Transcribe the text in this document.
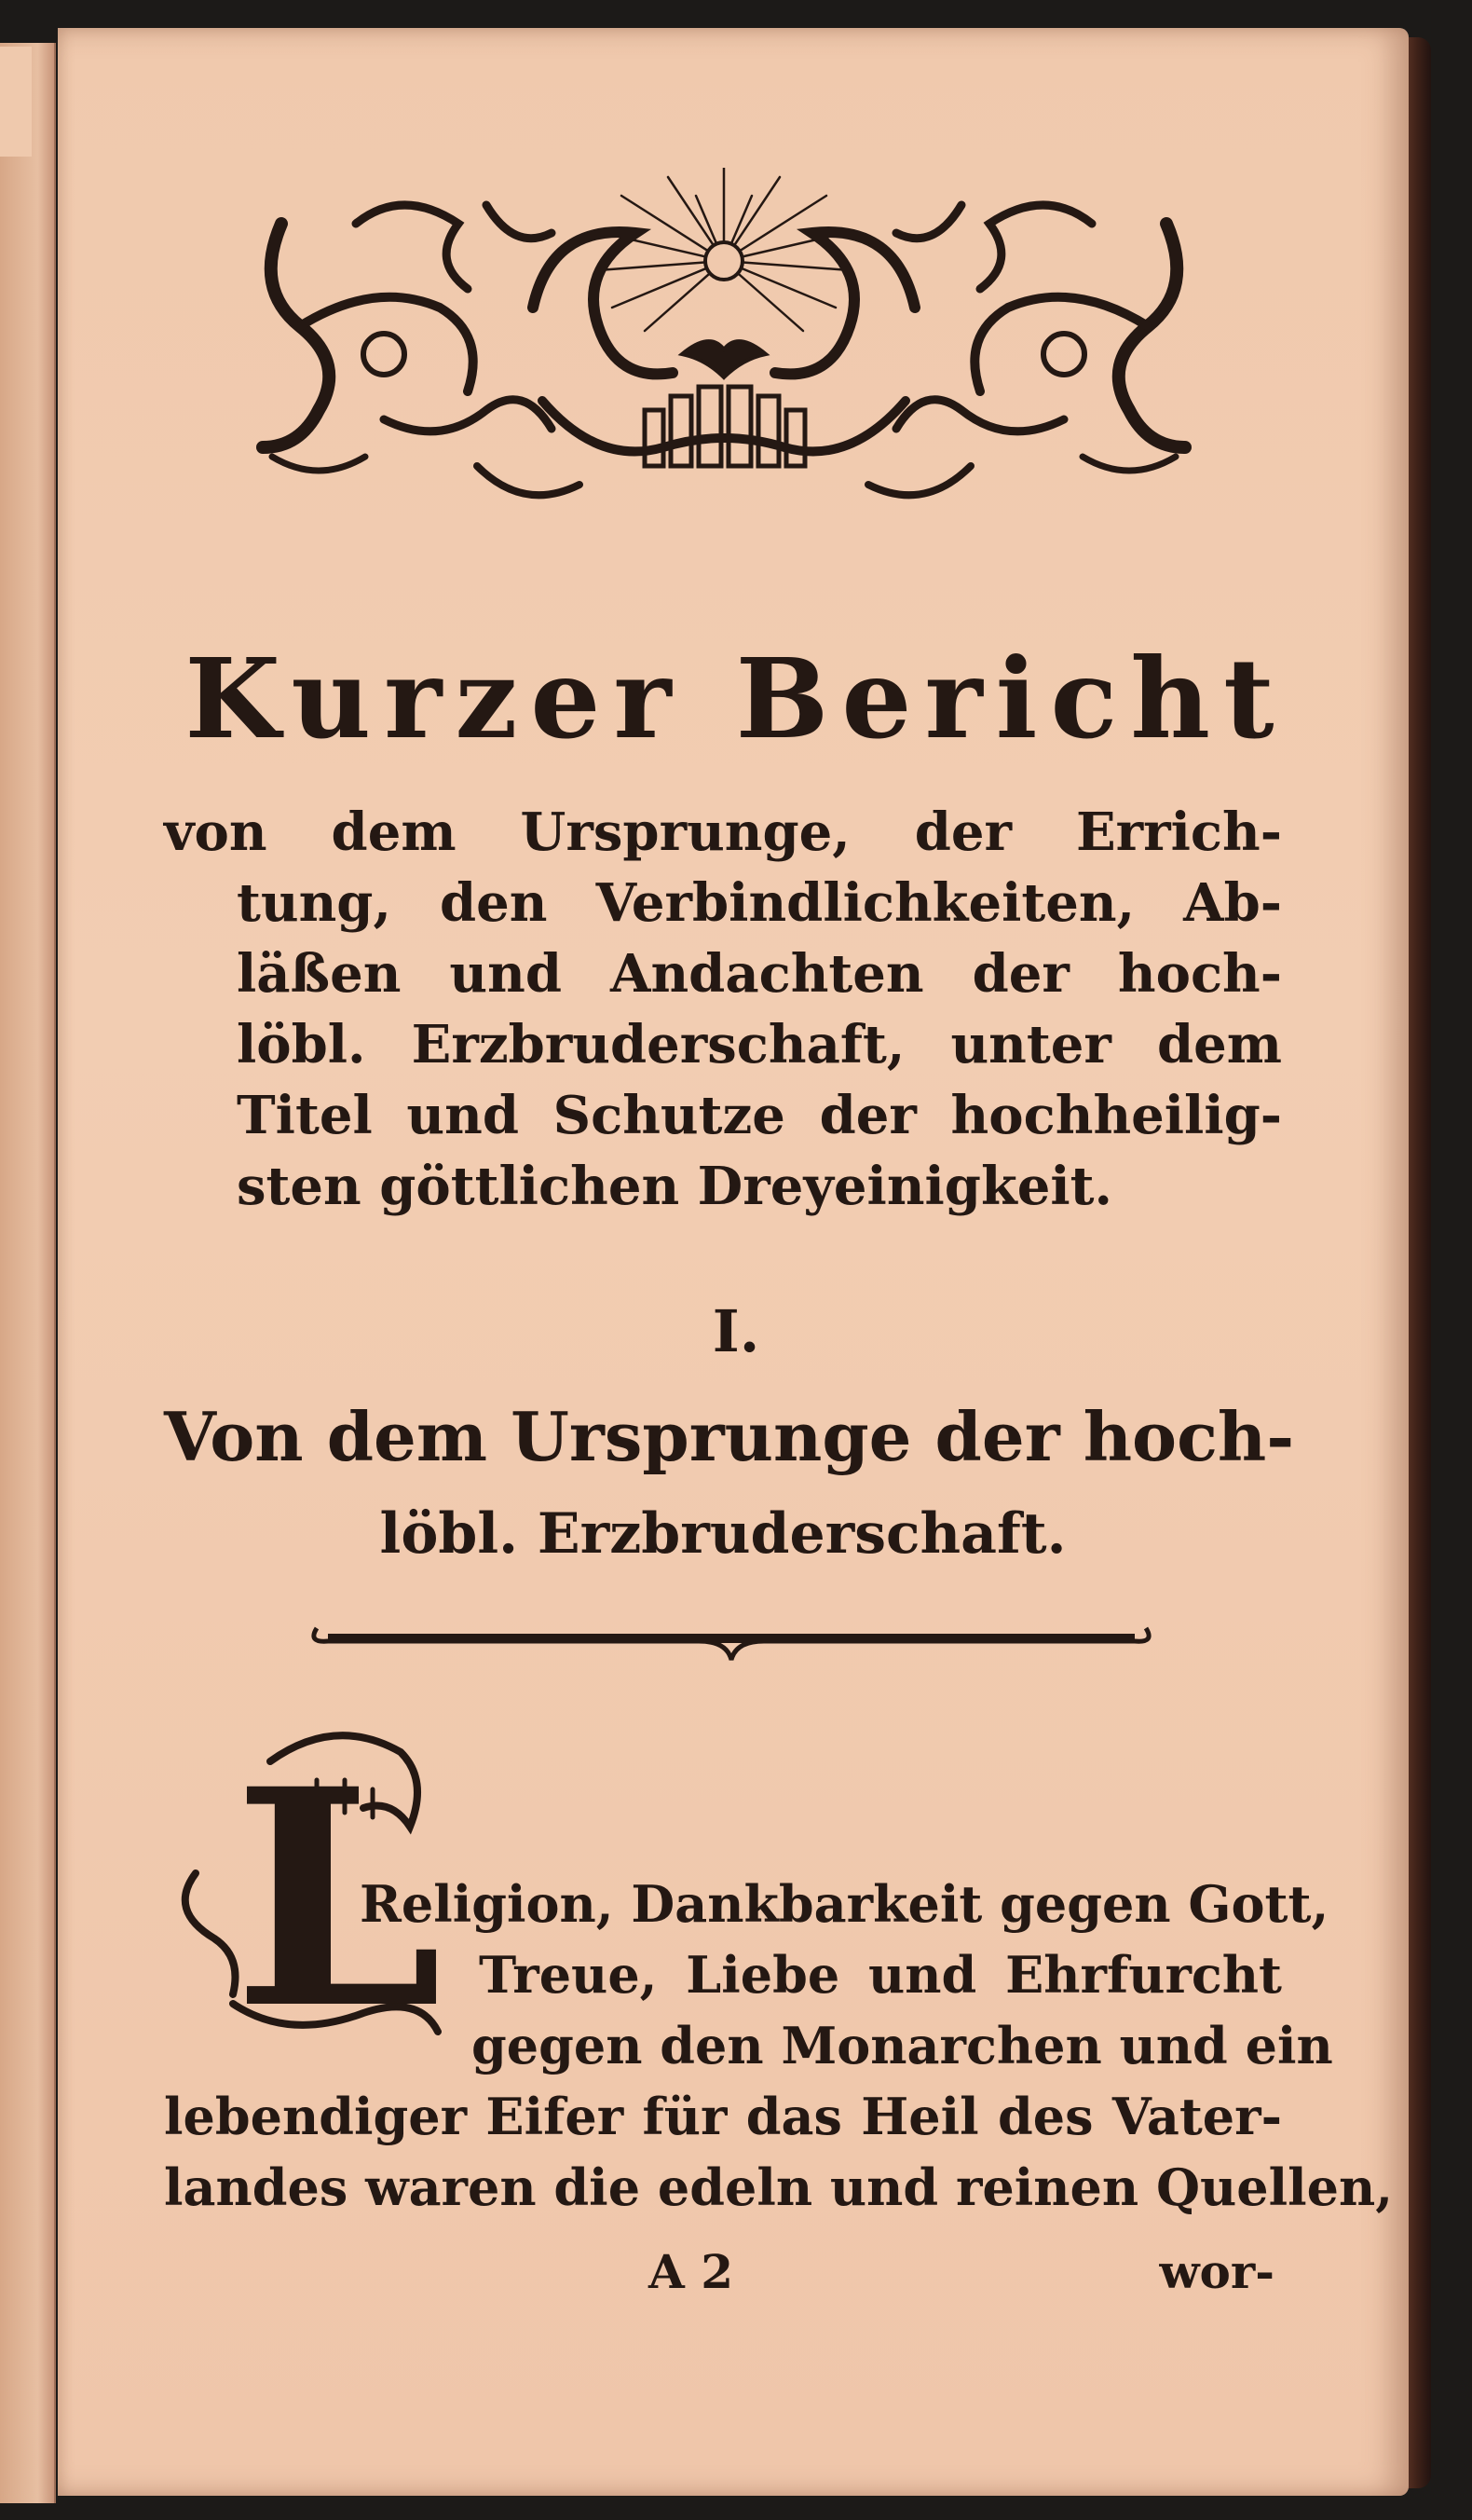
Kurzer Bericht
von dem Ursprunge, der Errich-
tung, den Verbindlichkeiten, Ab-
läßen und Andachten der hoch-
löbl. Erzbruderschaft, unter dem
Titel und Schutze der hochheilig-
sten göttlichen Dreyeinigkeit.
I.
Von dem Ursprunge der hoch-
löbl. Erzbruderschaft.
L
Religion, Dankbarkeit gegen Gott,
Treue, Liebe und Ehrfurcht
gegen den Monarchen und ein
lebendiger Eifer für das Heil des Vater-
landes waren die edeln und reinen Quellen,
A 2	wor-
